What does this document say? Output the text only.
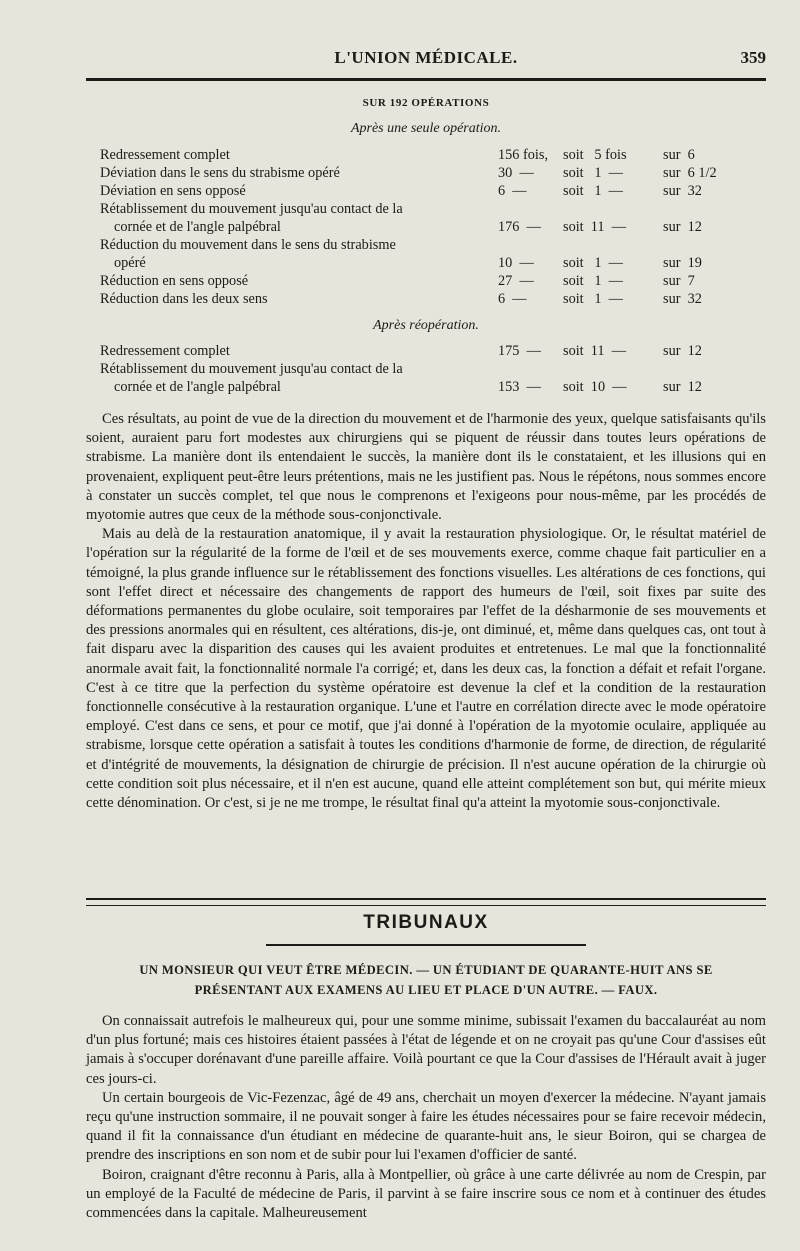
L'UNION MÉDICALE.	359
SUR 192 OPÉRATIONS
Après une seule opération.
Redressement complet	156 fois,	soit   5 fois	sur  6
Déviation dans le sens du strabisme opéré	30  —	soit   1  —	sur  6 1/2
Déviation en sens opposé	6  —	soit   1  —	sur  32
Rétablissement du mouvement jusqu'au contact de la
cornée et de l'angle palpébral	176  —	soit  11  —	sur  12
Réduction du mouvement dans le sens du strabisme
opéré	10  —	soit   1  —	sur  19
Réduction en sens opposé	27  —	soit   1  —	sur  7
Réduction dans les deux sens	6  —	soit   1  —	sur  32
Après réopération.
Redressement complet	175  —	soit  11  —	sur  12
Rétablissement du mouvement jusqu'au contact de la
cornée et de l'angle palpébral	153  —	soit  10  —	sur  12

Ces résultats, au point de vue de la direction du mouvement et de l'harmonie des yeux, quelque satisfaisants qu'ils soient, auraient paru fort modestes aux chirurgiens qui se piquent de réussir dans toutes leurs opérations de strabisme. La manière dont ils entendaient le succès, la manière dont ils le constataient, et les illusions qui en provenaient, expliquent peut-être leurs prétentions, mais ne les justifient pas. Nous le répétons, nous sommes encore à constater un succès complet, tel que nous le comprenons et l'exigeons pour nous-même, par les procédés de myotomie autres que ceux de la méthode sous-conjonctivale.

Mais au delà de la restauration anatomique, il y avait la restauration physiologique. Or, le résultat matériel de l'opération sur la régularité de la forme de l'œil et de ses mouvements exerce, comme chaque fait particulier en a témoigné, la plus grande influence sur le rétablissement des fonctions visuelles. Les altérations de ces fonctions, qui sont l'effet direct et nécessaire des changements de rapport des humeurs de l'œil, soit fixes par suite des déformations permanentes du globe oculaire, soit temporaires par l'effet de la désharmonie de ses mouvements et des pressions anormales qui en résultent, ces altérations, dis-je, ont diminué, et, même dans quelques cas, ont tout à fait disparu avec la disparition des causes qui les avaient produites et entretenues. Le mal que la fonctionnalité anormale avait fait, la fonctionnalité normale l'a corrigé; et, dans les deux cas, la fonction a défait et refait l'organe. C'est à ce titre que la perfection du système opératoire est devenue la clef et la condition de la restauration fonctionnelle consécutive à la restauration organique. L'une et l'autre en corrélation directe avec le mode opératoire employé. C'est dans ce sens, et pour ce motif, que j'ai donné à l'opération de la myotomie oculaire, appliquée au strabisme, lorsque cette opération a satisfait à toutes les conditions d'harmonie de forme, de direction, de régularité et d'intégrité de mouvements, la désignation de chirurgie de précision. Il n'est aucune opération de la chirurgie où cette condition soit plus nécessaire, et il n'en est aucune, quand elle atteint complétement son but, qui mérite mieux cette dénomination. Or c'est, si je ne me trompe, le résultat final qu'a atteint la myotomie sous-conjonctivale.

TRIBUNAUX
UN MONSIEUR QUI VEUT ÊTRE MÉDECIN. — UN ÉTUDIANT DE QUARANTE-HUIT ANS SE
PRÉSENTANT AUX EXAMENS AU LIEU ET PLACE D'UN AUTRE. — FAUX.

On connaissait autrefois le malheureux qui, pour une somme minime, subissait l'examen du baccalauréat au nom d'un plus fortuné; mais ces histoires étaient passées à l'état de légende et on ne croyait pas qu'une Cour d'assises eût jamais à s'occuper dorénavant d'une pareille affaire. Voilà pourtant ce que la Cour d'assises de l'Hérault avait à juger ces jours-ci.

Un certain bourgeois de Vic-Fezenzac, âgé de 49 ans, cherchait un moyen d'exercer la médecine. N'ayant jamais reçu qu'une instruction sommaire, il ne pouvait songer à faire les études nécessaires pour se faire recevoir médecin, quand il fit la connaissance d'un étudiant en médecine de quarante-huit ans, le sieur Boiron, qui se chargea de prendre des inscriptions en son nom et de subir pour lui l'examen d'officier de santé.

Boiron, craignant d'être reconnu à Paris, alla à Montpellier, où grâce à une carte délivrée au nom de Crespin, par un employé de la Faculté de médecine de Paris, il parvint à se faire inscrire sous ce nom et à continuer des études commencées dans la capitale. Malheureusement
